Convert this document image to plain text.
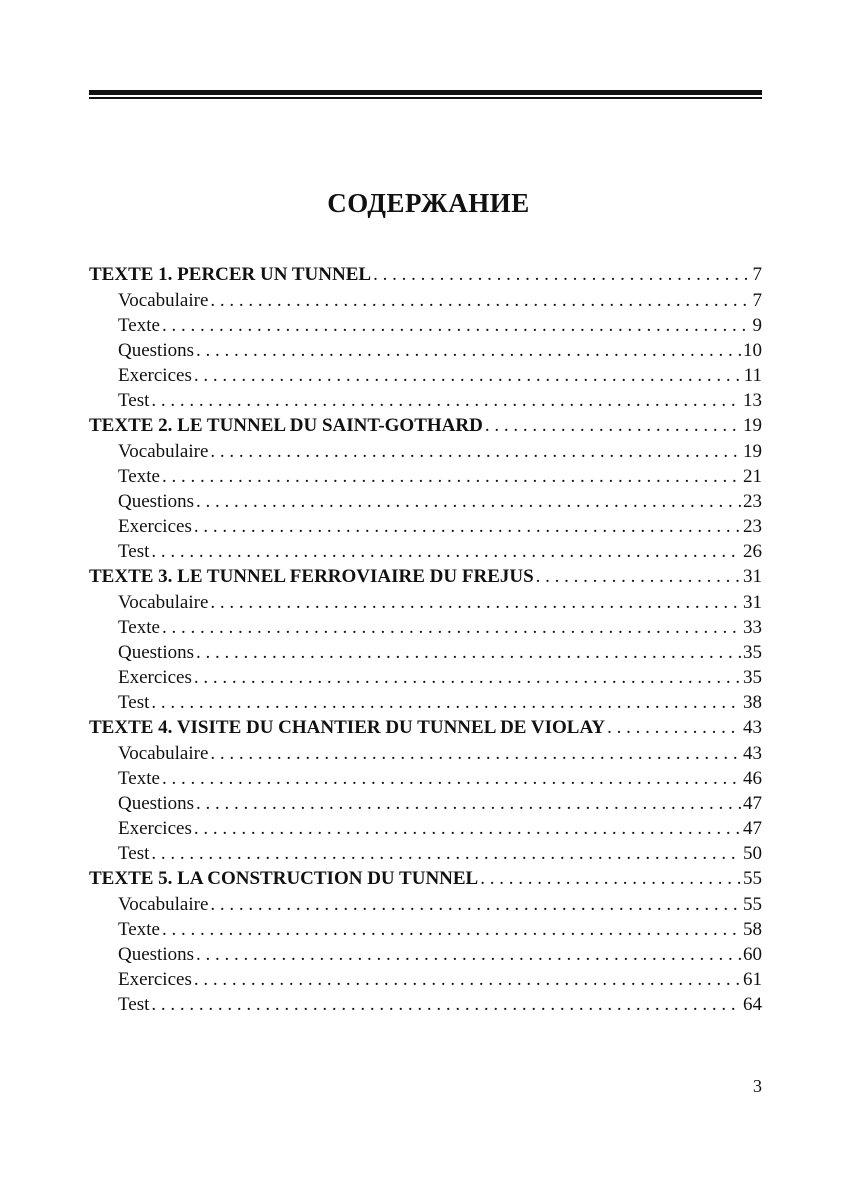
СОДЕРЖАНИЕ
TEXTE 1. PERCER UN TUNNEL . . .	7
Vocabulaire . . .	7
Texte . . .	9
Questions . . .	10
Exercices . . .	11
Test . . .	13
TEXTE 2. LE TUNNEL DU SAINT-GOTHARD . . .	19
Vocabulaire . . .	19
Texte . . .	21
Questions . . .	23
Exercices . . .	23
Test . . .	26
TEXTE 3. LE TUNNEL FERROVIAIRE DU FREJUS . . .	31
Vocabulaire . . .	31
Texte . . .	33
Questions . . .	35
Exercices . . .	35
Test . . .	38
TEXTE 4. VISITE DU CHANTIER DU TUNNEL DE VIOLAY . . .	43
Vocabulaire . . .	43
Texte . . .	46
Questions . . .	47
Exercices . . .	47
Test . . .	50
TEXTE 5. LA CONSTRUCTION DU TUNNEL . . .	55
Vocabulaire . . .	55
Texte . . .	58
Questions . . .	60
Exercices . . .	61
Test . . .	64
3
